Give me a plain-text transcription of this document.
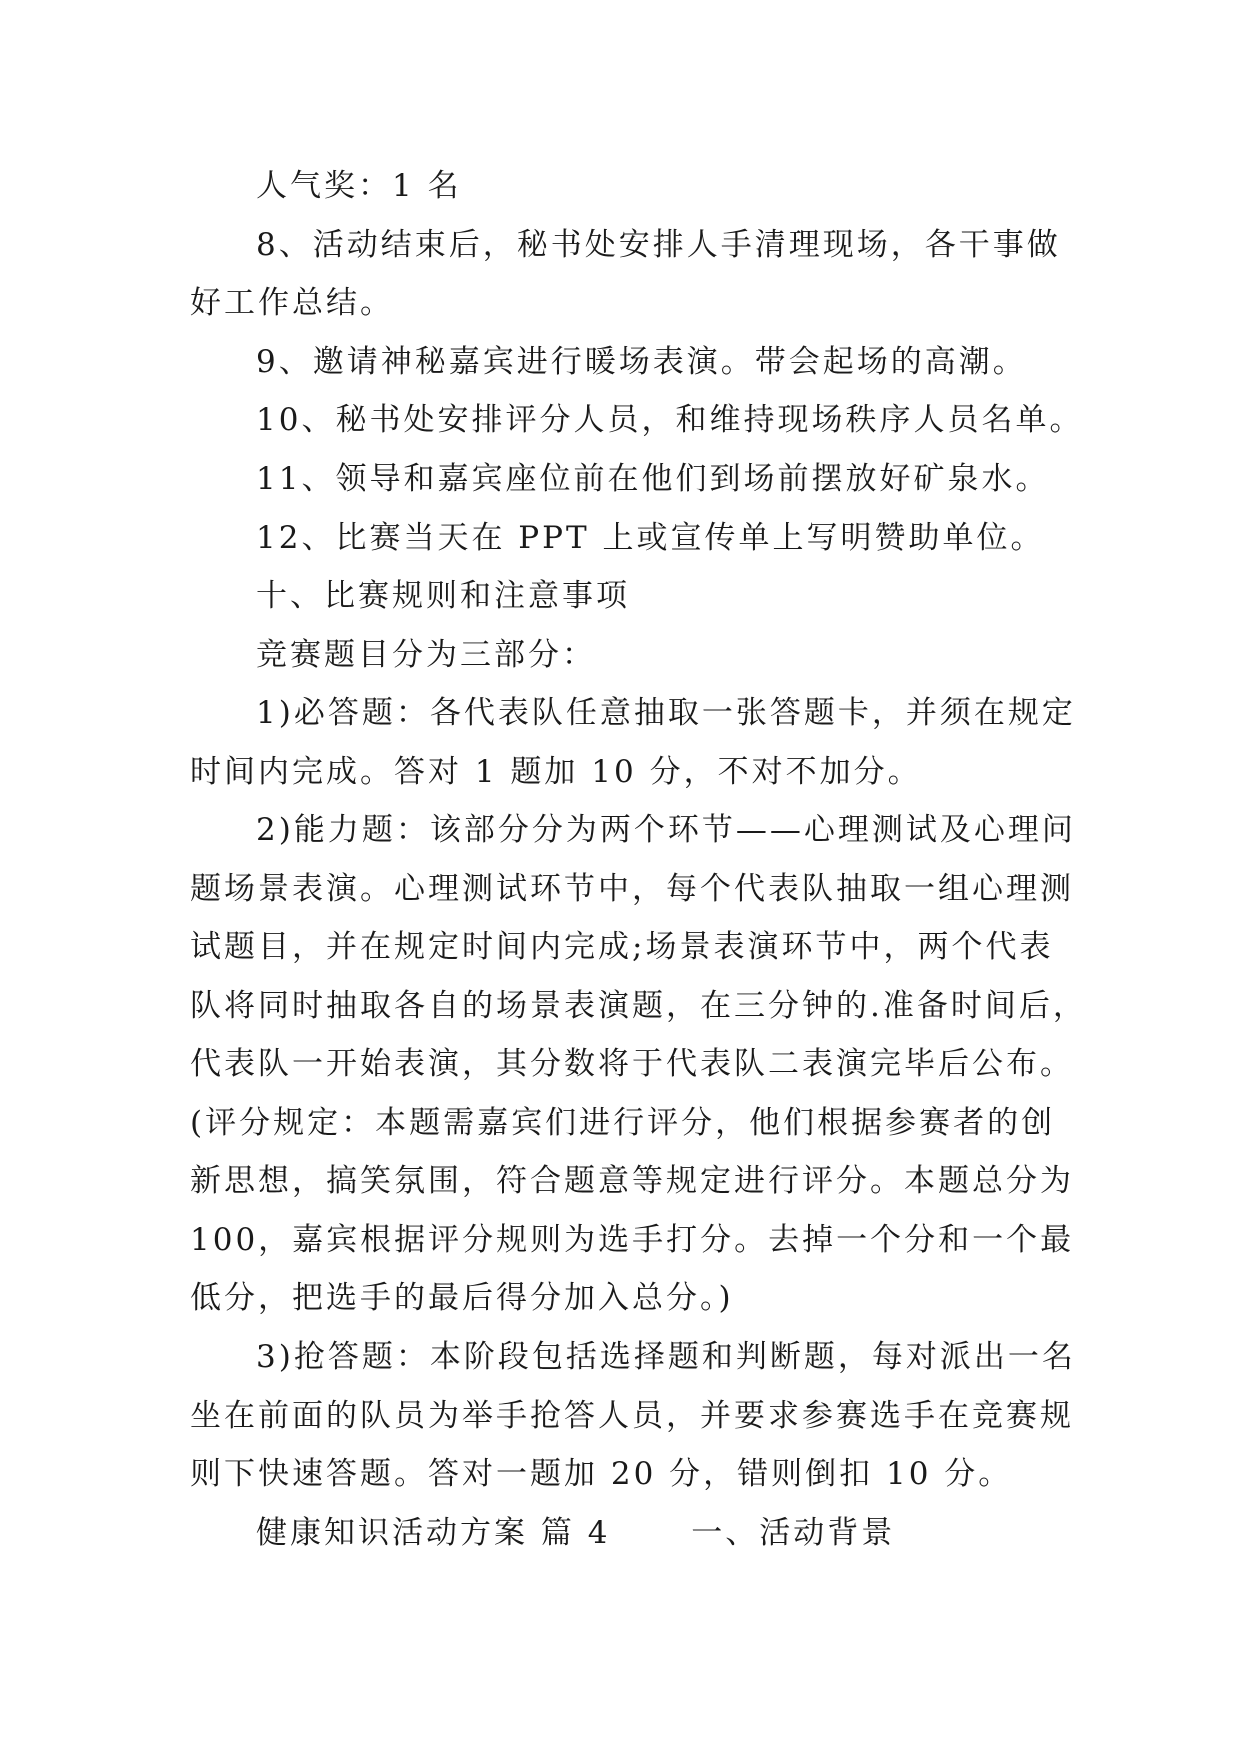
人气奖：1 名
8、活动结束后，秘书处安排人手清理现场，各干事做
好工作总结。
9、邀请神秘嘉宾进行暖场表演。带会起场的高潮。
10、秘书处安排评分人员，和维持现场秩序人员名单。
11、领导和嘉宾座位前在他们到场前摆放好矿泉水。
12、比赛当天在 PPT 上或宣传单上写明赞助单位。
十、比赛规则和注意事项
竞赛题目分为三部分：
1)必答题：各代表队任意抽取一张答题卡，并须在规定
时间内完成。答对 1 题加 10 分，不对不加分。
2)能力题：该部分分为两个环节——心理测试及心理问
题场景表演。心理测试环节中，每个代表队抽取一组心理测
试题目，并在规定时间内完成;场景表演环节中，两个代表
队将同时抽取各自的场景表演题，在三分钟的.准备时间后，
代表队一开始表演，其分数将于代表队二表演完毕后公布。
(评分规定：本题需嘉宾们进行评分，他们根据参赛者的创
新思想，搞笑氛围，符合题意等规定进行评分。本题总分为
100，嘉宾根据评分规则为选手打分。去掉一个分和一个最
低分，把选手的最后得分加入总分。)
3)抢答题：本阶段包括选择题和判断题，每对派出一名
坐在前面的队员为举手抢答人员，并要求参赛选手在竞赛规
则下快速答题。答对一题加 20 分，错则倒扣 10 分。
健康知识活动方案 篇 4　　 一、活动背景
